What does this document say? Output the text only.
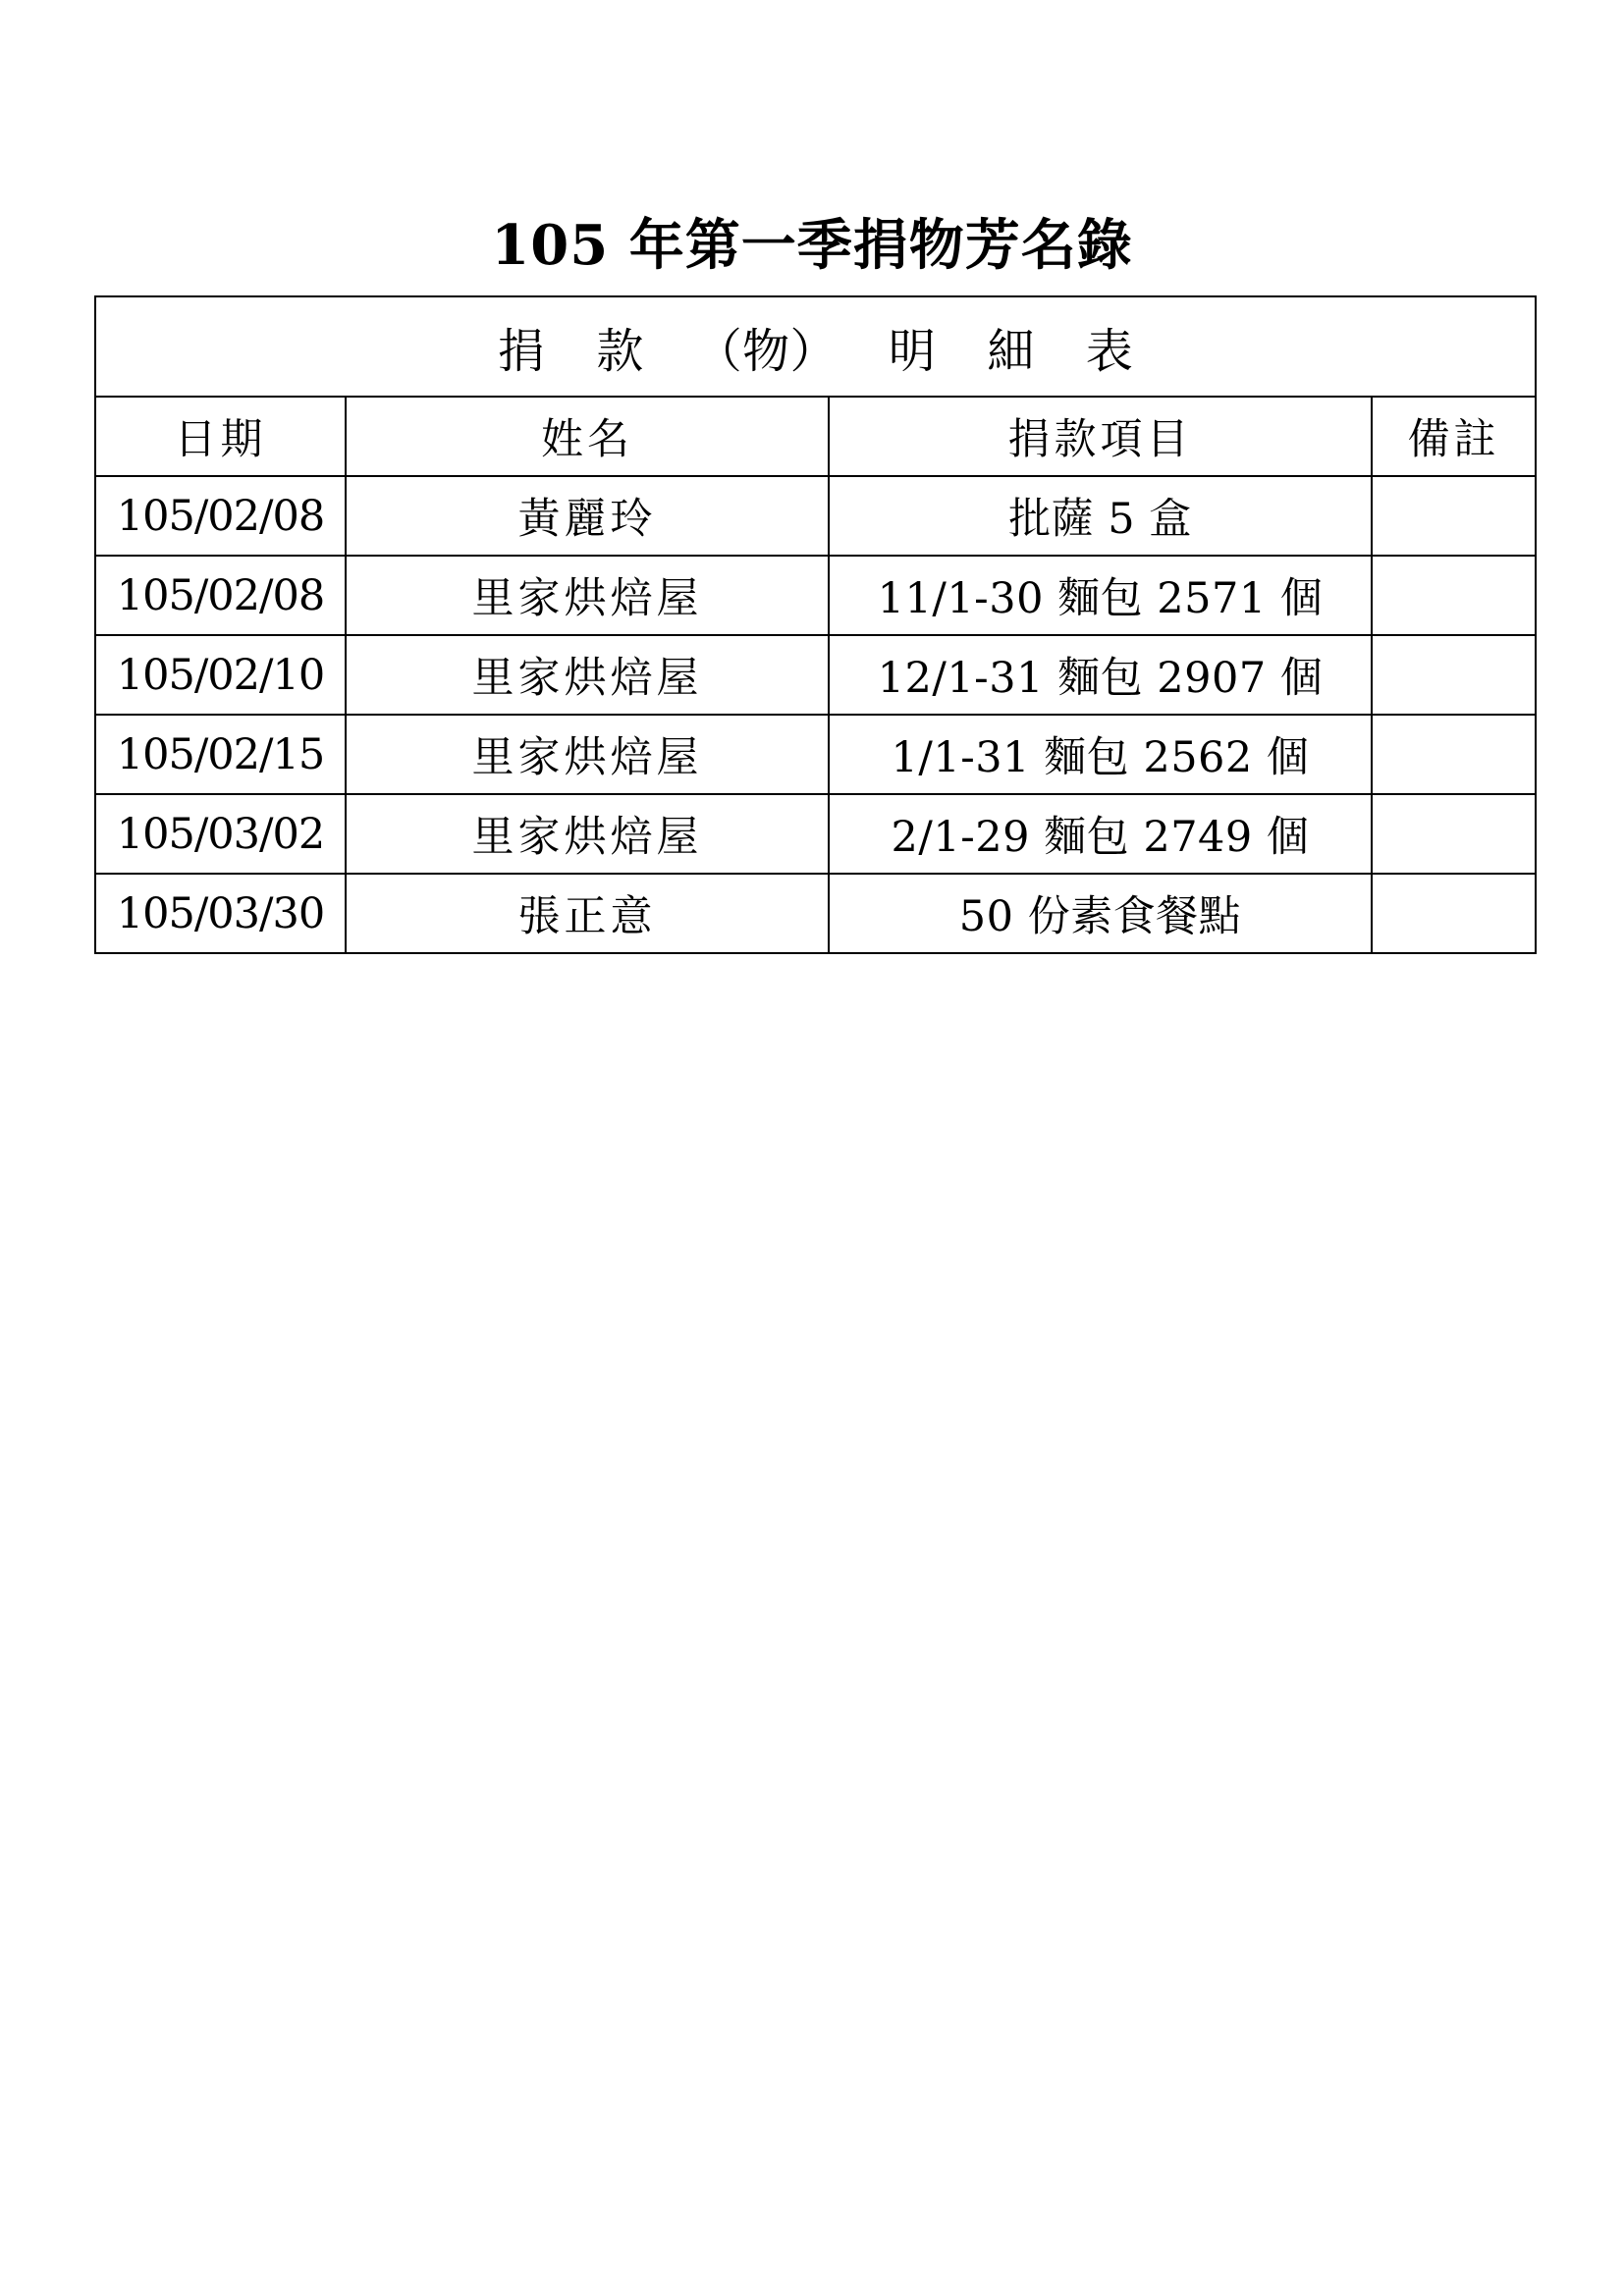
105 年第一季捐物芳名錄
捐 款 （物） 明 細 表			
日期	姓名	捐款項目	備註
105/02/08	黃麗玲	批薩 5 盒	
105/02/08	里家烘焙屋	11/1-30 麵包 2571 個	
105/02/10	里家烘焙屋	12/1-31 麵包 2907 個	
105/02/15	里家烘焙屋	1/1-31 麵包 2562 個	
105/03/02	里家烘焙屋	2/1-29 麵包 2749 個	
105/03/30	張正意	50 份素食餐點	
